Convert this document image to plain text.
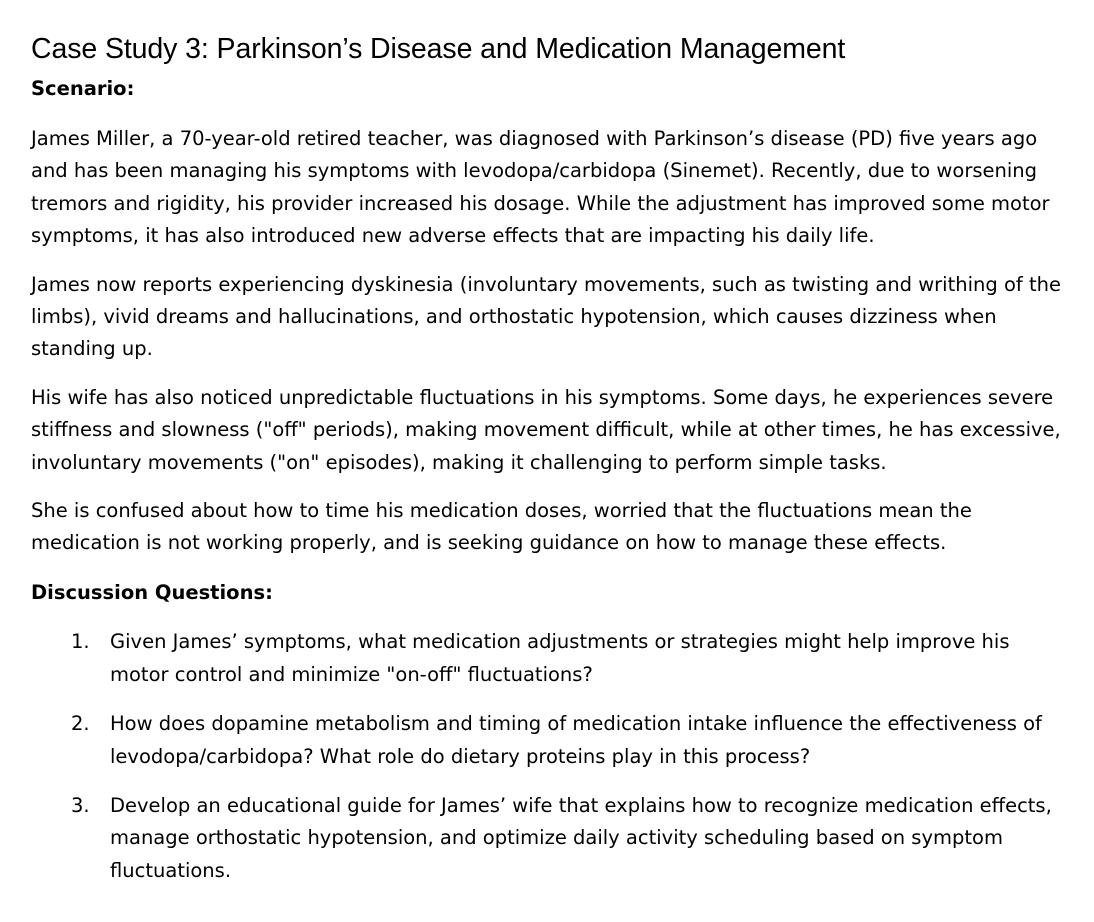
Case Study 3: Parkinson’s Disease and Medication Management

Scenario:

James Miller, a 70-year-old retired teacher, was diagnosed with Parkinson’s disease (PD) five years ago and has been managing his symptoms with levodopa/carbidopa (Sinemet). Recently, due to worsening tremors and rigidity, his provider increased his dosage. While the adjustment has improved some motor symptoms, it has also introduced new adverse effects that are impacting his daily life.

James now reports experiencing dyskinesia (involuntary movements, such as twisting and writhing of the limbs), vivid dreams and hallucinations, and orthostatic hypotension, which causes dizziness when standing up.

His wife has also noticed unpredictable fluctuations in his symptoms. Some days, he experiences severe stiffness and slowness ("off" periods), making movement difficult, while at other times, he has excessive, involuntary movements ("on" episodes), making it challenging to perform simple tasks.

She is confused about how to time his medication doses, worried that the fluctuations mean the medication is not working properly, and is seeking guidance on how to manage these effects.

Discussion Questions:

1. Given James’ symptoms, what medication adjustments or strategies might help improve his motor control and minimize "on-off" fluctuations?
2. How does dopamine metabolism and timing of medication intake influence the effectiveness of levodopa/carbidopa? What role do dietary proteins play in this process?
3. Develop an educational guide for James’ wife that explains how to recognize medication effects, manage orthostatic hypotension, and optimize daily activity scheduling based on symptom fluctuations.
